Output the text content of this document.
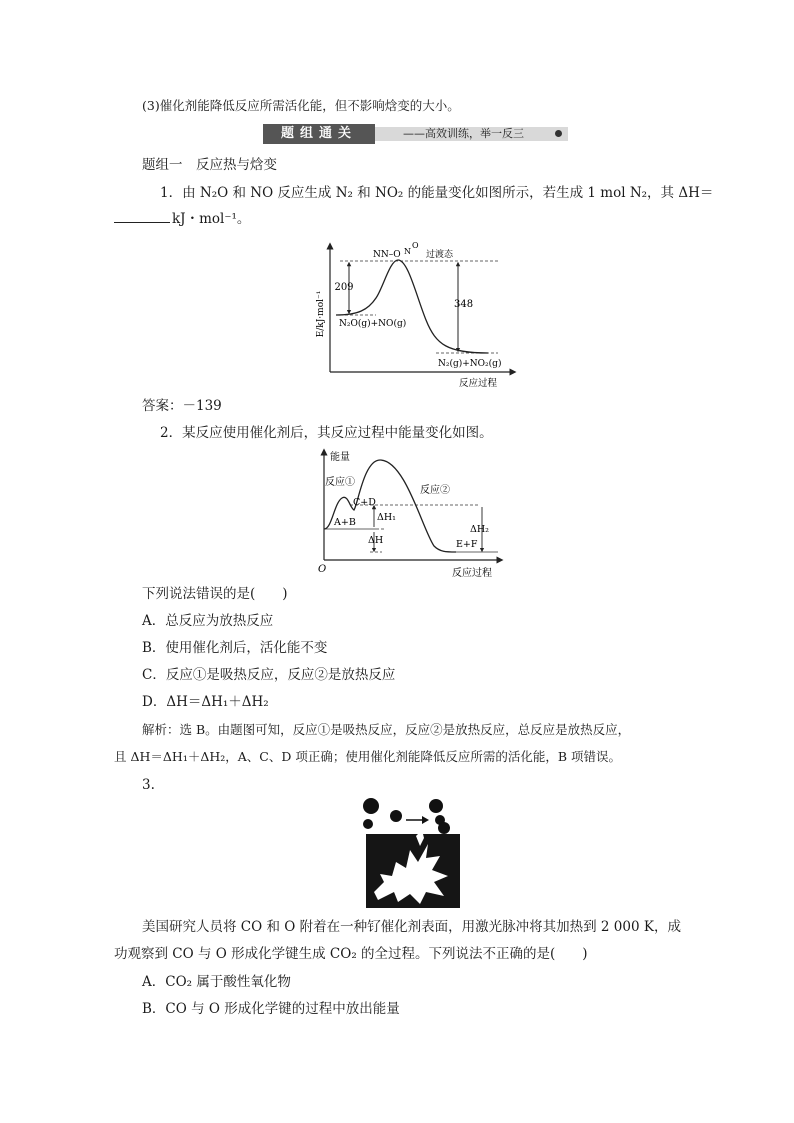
(3)催化剂能降低反应所需活化能，但不影响焓变的大小。
题组通关	——高效训练，举一反三
题组一　反应热与焓变
1．由 N₂O 和 NO 反应生成 N₂ 和 NO₂ 的能量变化如图所示，若生成 1 mol N₂，其 ΔH＝
kJ・mol⁻¹。
E/kJ·mol⁻¹
209
348
NN–O
O
N 过渡态
N₂O(g)+NO(g)
N₂(g)+NO₂(g)
反应过程
答案：－139
2．某反应使用催化剂后，其反应过程中能量变化如图。
能量
O
反应①
反应②
C+D
A+B
E+F
ΔH₁
ΔH₂
ΔH
反应过程
下列说法错误的是(　　)
A．总反应为放热反应
B．使用催化剂后，活化能不变
C．反应①是吸热反应，反应②是放热反应
D．ΔH＝ΔH₁＋ΔH₂
解析：选 B。由题图可知，反应①是吸热反应，反应②是放热反应，总反应是放热反应，
且 ΔH＝ΔH₁＋ΔH₂，A、C、D 项正确；使用催化剂能降低反应所需的活化能，B 项错误。
3.
美国研究人员将 CO 和 O 附着在一种钌催化剂表面，用激光脉冲将其加热到 2 000 K，成
功观察到 CO 与 O 形成化学键生成 CO₂ 的全过程。下列说法不正确的是(　　)
A．CO₂ 属于酸性氧化物
B．CO 与 O 形成化学键的过程中放出能量
